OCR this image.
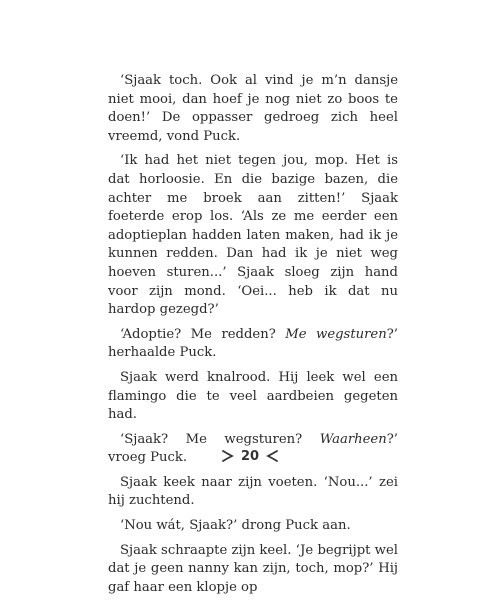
‘Sjaak toch. Ook al vind je m’n dansje niet mooi, dan hoef je nog niet zo boos te doen!’ De oppasser gedroeg zich heel vreemd, vond Puck.

‘Ik had het niet tegen jou, mop. Het is dat horloosie. En die bazige bazen, die achter me broek aan zitten!’ Sjaak foeterde erop los. ‘Als ze me eerder een adoptieplan hadden laten maken, had ik je kunnen redden. Dan had ik je niet weg hoeven sturen...’ Sjaak sloeg zijn hand voor zijn mond. ‘Oei... heb ik dat nu hardop gezegd?’

‘Adoptie? Me redden? Me wegsturen?’ herhaalde Puck.

Sjaak werd knalrood. Hij leek wel een flamingo die te veel aardbeien gegeten had.

‘Sjaak? Me wegsturen? Waarheen?’ vroeg Puck.

Sjaak keek naar zijn voeten. ‘Nou...’ zei hij zuchtend.

‘Nou wát, Sjaak?’ drong Puck aan.

Sjaak schraapte zijn keel. ‘Je begrijpt wel dat je geen nanny kan zijn, toch, mop?’ Hij gaf haar een klopje op

20
